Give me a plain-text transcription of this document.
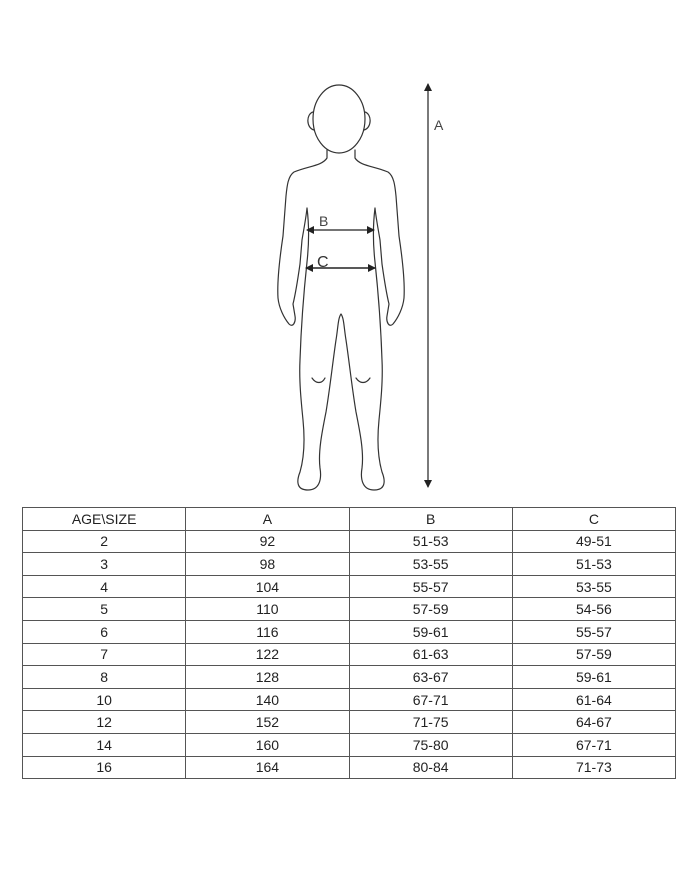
A
B
C
AGE\SIZE	A	B	C
2	92	51-53	49-51
3	98	53-55	51-53
4	104	55-57	53-55
5	110	57-59	54-56
6	116	59-61	55-57
7	122	61-63	57-59
8	128	63-67	59-61
10	140	67-71	61-64
12	152	71-75	64-67
14	160	75-80	67-71
16	164	80-84	71-73
